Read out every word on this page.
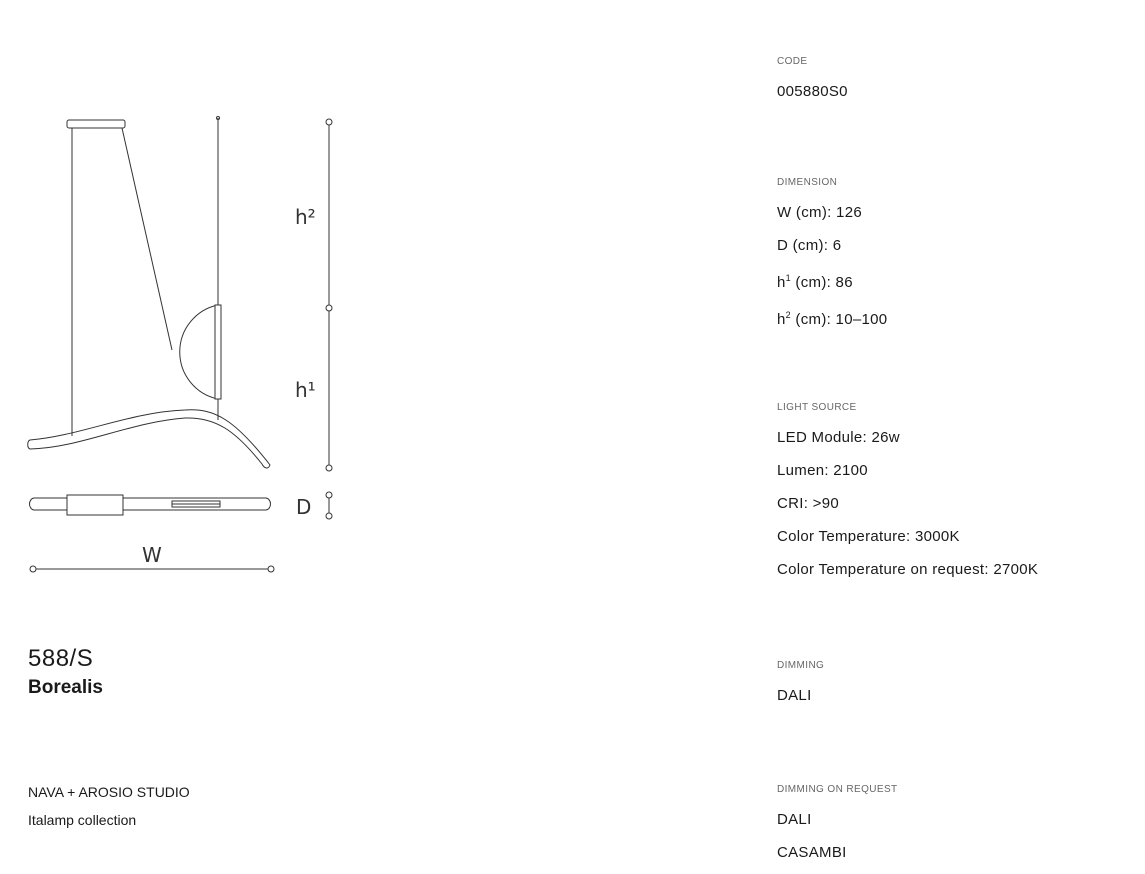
h²
h¹
D
W
588/S
Borealis
NAVA + AROSIO STUDIO
Italamp collection
CODE
005880S0
DIMENSION
W (cm): 126
D (cm): 6
$h^1$ (cm): 86
$h^2$ (cm): 10–100
LIGHT SOURCE
LED Module: 26w
Lumen: 2100
CRI: >90
Color Temperature: 3000K
Color Temperature on request: 2700K
DIMMING
DALI
DIMMING ON REQUEST
DALI
CASAMBI
